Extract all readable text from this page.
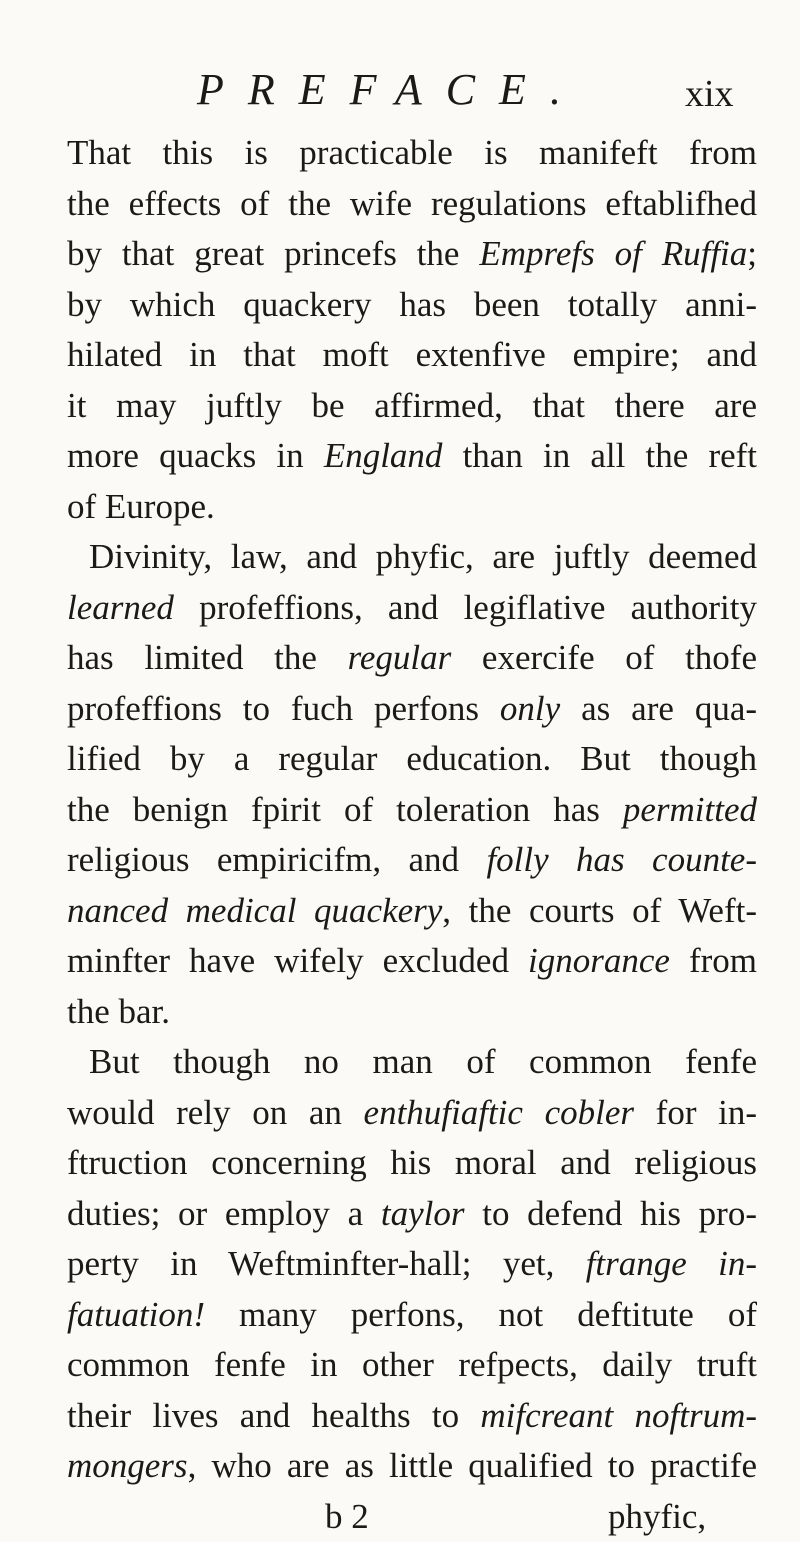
PREFACE.	xix
That this is practicable is manifeft from
the effects of the wife regulations eftablifhed
by that great princefs the Emprefs of Ruffia;
by which quackery has been totally anni-
hilated in that moft extenfive empire; and
it may juftly be affirmed, that there are
more quacks in England than in all the reft
of Europe.
Divinity, law, and phyfic, are juftly deemed
learned profeffions, and legiflative authority
has limited the regular exercife of thofe
profeffions to fuch perfons only as are qua-
lified by a regular education. But though
the benign fpirit of toleration has permitted
religious empiricifm, and folly has counte-
nanced medical quackery, the courts of Weft-
minfter have wifely excluded ignorance from
the bar.
But though no man of common fenfe
would rely on an enthufiaftic cobler for in-
ftruction concerning his moral and religious
duties; or employ a taylor to defend his pro-
perty in Weftminfter-hall; yet, ftrange in-
fatuation! many perfons, not deftitute of
common fenfe in other refpects, daily truft
their lives and healths to mifcreant noftrum-
mongers, who are as little qualified to practife
b 2	phyfic,
